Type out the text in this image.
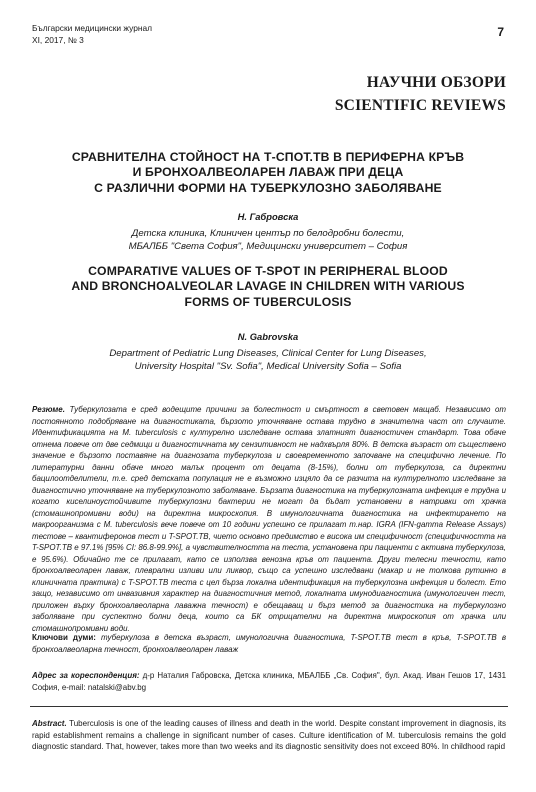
Български медицински журнал
XI, 2017, № 3
7
НАУЧНИ ОБЗОРИ
SCIENTIFIC REVIEWS
СРАВНИТЕЛНА СТОЙНОСТ НА Т-СПОТ.ТВ В ПЕРИФЕРНА КРЪВ
И БРОНХОАЛВЕОЛАРЕН ЛАВАЖ ПРИ ДЕЦА
С РАЗЛИЧНИ ФОРМИ НА ТУБЕРКУЛОЗНО ЗАБОЛЯВАНЕ
Н. Габровска
Детска клиника, Клиничен център по белодробни болести,
МБАЛББ "Света София", Медицински университет – София
COMPARATIVE VALUES OF T-SPOT IN PERIPHERAL BLOOD
AND BRONCHOALVEOLAR LAVAGE IN CHILDREN WITH VARIOUS
FORMS OF TUBERCULOSIS
N. Gabrovska
Department of Pediatric Lung Diseases, Clinical Center for Lung Diseases,
University Hospital "Sv. Sofia", Medical University Sofia – Sofia

Резюме. Туберкулозата е сред водещите причини за болестност и смъртност в световен мащаб. Независимо от постоянното подобряване на диагностиката, бързото уточняване остава трудно в значителна част от случаите. Идентификацията на M. tuberculosis с културелно изследване остава златният диагностичен стандарт. Това обаче отнема повече от две седмици и диагностичната му сензитивност не надхвърля 80%. В детска възраст от съществено значение е бързото поставяне на диагнозата туберкулоза и своевременното започване на специфично лечение. По литературни данни обаче много малък процент от децата (8-15%), болни от туберкулоза, са директни бацилоотделители, т.е. сред детската популация не е възможно изцяло да се разчита на културелното изследване за диагностично уточняване на туберкулозното заболяване. Бързата диагностика на туберкулозната инфекция е трудна и когато киселиноустойчивите туберкулозни бактерии не могат да бъдат установени в натривки от храчка (стомашнопромивни води) на директна микроскопия. В имунологичната диагностика на инфектирането на макроорганизма с M. tuberculosis вече повече от 10 години успешно се прилагат т.нар. IGRA (IFN-gamma Release Assays) тестове – квантиферонов тест и T-SPOT.TB, чието основно предимство е висока им специфичност (специфичността на T-SPOT.TB е 97.1% [95% CI: 86.8-99.9%], а чувствителността на теста, установена при пациенти с активна туберкулоза, е 95.6%). Обичайно те се прилагат, като се използва венозна кръв от пациента. Други телесни течности, като бронхоалвеоларен лаваж, плеврални изливи или ликвор, също са успешно изследвани (макар и не толкова рутинно в клиничната практика) с T-SPOT.TB теста с цел бърза локална идентификация на туберкулозна инфекция и болест. Ето защо, независимо от инвазивния характер на диагностичния метод, локалната имунодиагностика (имунологичен тест, приложен върху бронхоалвеоларна лаважна течност) е обещаващ и бърз метод за диагностика на туберкулозно заболяване при суспектно болни деца, които са БК отрицателни на директна микроскопия от храчка или стомашнопромивни води.

Ключови думи: туберкулоза в детска възраст, имунологична диагностика, T-SPOT.TB тест в кръв, T-SPOT.TB в бронхоалвеоларна течност, бронхоалвеоларен лаваж

Адрес за кореспонденция: д-р Наталия Габровска, Детска клиника, МБАЛББ „Св. София", бул. Акад. Иван Гешов 17, 1431 София, e-mail: natalski@abv.bg

Abstract. Tuberculosis is one of the leading causes of illness and death in the world. Despite constant improvement in diagnosis, its rapid establishment remains a challenge in significant number of cases. Culture identification of M. tuberculosis remains the gold diagnostic standard. That, however, takes more than two weeks and its diagnostic sensitivity does not exceed 80%. In childhood rapid
